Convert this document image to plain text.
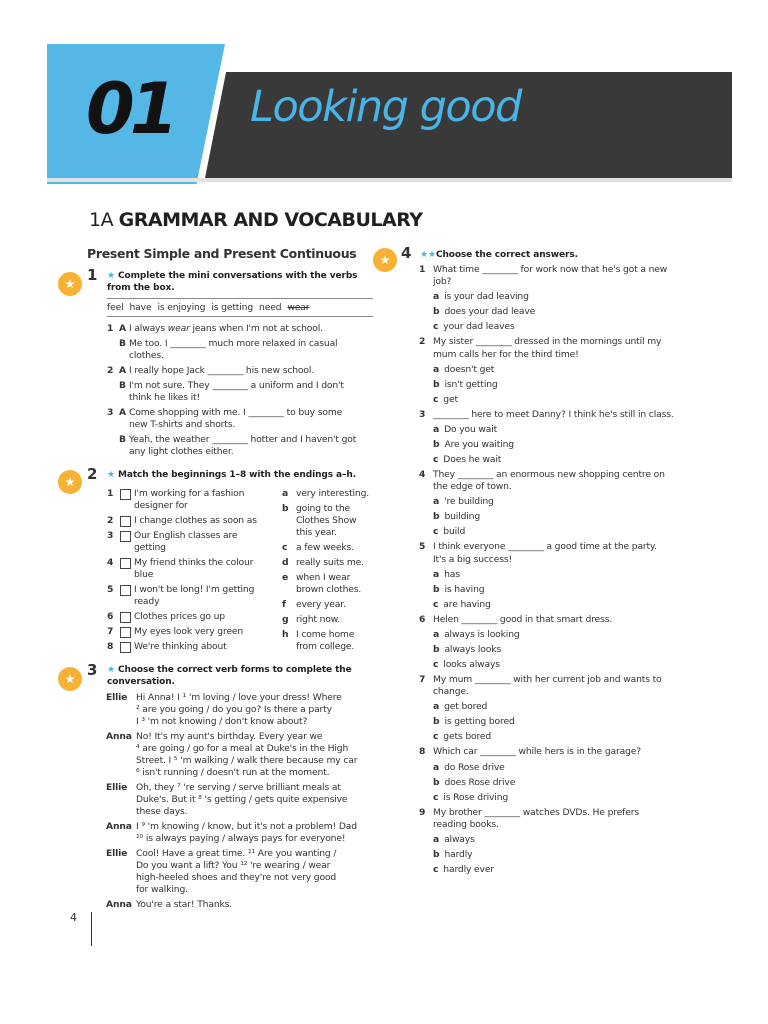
01 Looking good
1A GRAMMAR AND VOCABULARY
Present Simple and Present Continuous
★ 1 ★ Complete the mini conversations with the verbs
from the box.
feel have is enjoying is getting need wear
1 A I always wear jeans when I'm not at school.
B Me too. I ________ much more relaxed in casual
clothes.
2 A I really hope Jack ________ his new school.
B I'm not sure. They ________ a uniform and I don't
think he likes it!
3 A Come shopping with me. I ________ to buy some
new T-shirts and shorts.
B Yeah, the weather ________ hotter and I haven't got
any light clothes either.
★ 2 ★ Match the beginnings 1–8 with the endings a–h.
1 I'm working for a fashion
designer for
2 I change clothes as soon as
3 Our English classes are
getting
4 My friend thinks the colour
blue
5 I won't be long! I'm getting
ready
6 Clothes prices go up
7 My eyes look very green
8 We're thinking about
a very interesting.
b going to the
Clothes Show
this year.
c a few weeks.
d really suits me.
e when I wear
brown clothes.
f every year.
g right now.
h I come home
from college.
★ 3 ★ Choose the correct verb forms to complete the
conversation.
Ellie Hi Anna! I ¹ 'm loving / love your dress! Where
² are you going / do you go? Is there a party
I ³ 'm not knowing / don't know about?
Anna No! It's my aunt's birthday. Every year we
⁴ are going / go for a meal at Duke's in the High
Street. I ⁵ 'm walking / walk there because my car
⁶ isn't running / doesn't run at the moment.
Ellie Oh, they ⁷ 're serving / serve brilliant meals at
Duke's. But it ⁸ 's getting / gets quite expensive
these days.
Anna I ⁹ 'm knowing / know, but it's not a problem! Dad
¹⁰ is always paying / always pays for everyone!
Ellie Cool! Have a great time. ¹¹ Are you wanting /
Do you want a lift? You ¹² 're wearing / wear
high-heeled shoes and they're not very good
for walking.
Anna You're a star! Thanks.
★ 4 ★★Choose the correct answers.
1 What time ________ for work now that he's got a new
job?
a is your dad leaving
b does your dad leave
c your dad leaves
2 My sister ________ dressed in the mornings until my
mum calls her for the third time!
a doesn't get
b isn't getting
c get
3 ________ here to meet Danny? I think he's still in class.
a Do you wait
b Are you waiting
c Does he wait
4 They ________ an enormous new shopping centre on
the edge of town.
a 're building
b building
c build
5 I think everyone ________ a good time at the party.
It's a big success!
a has
b is having
c are having
6 Helen ________ good in that smart dress.
a always is looking
b always looks
c looks always
7 My mum ________ with her current job and wants to
change.
a get bored
b is getting bored
c gets bored
8 Which car ________ while hers is in the garage?
a do Rose drive
b does Rose drive
c is Rose driving
9 My brother ________ watches DVDs. He prefers
reading books.
a always
b hardly
c hardly ever
4
